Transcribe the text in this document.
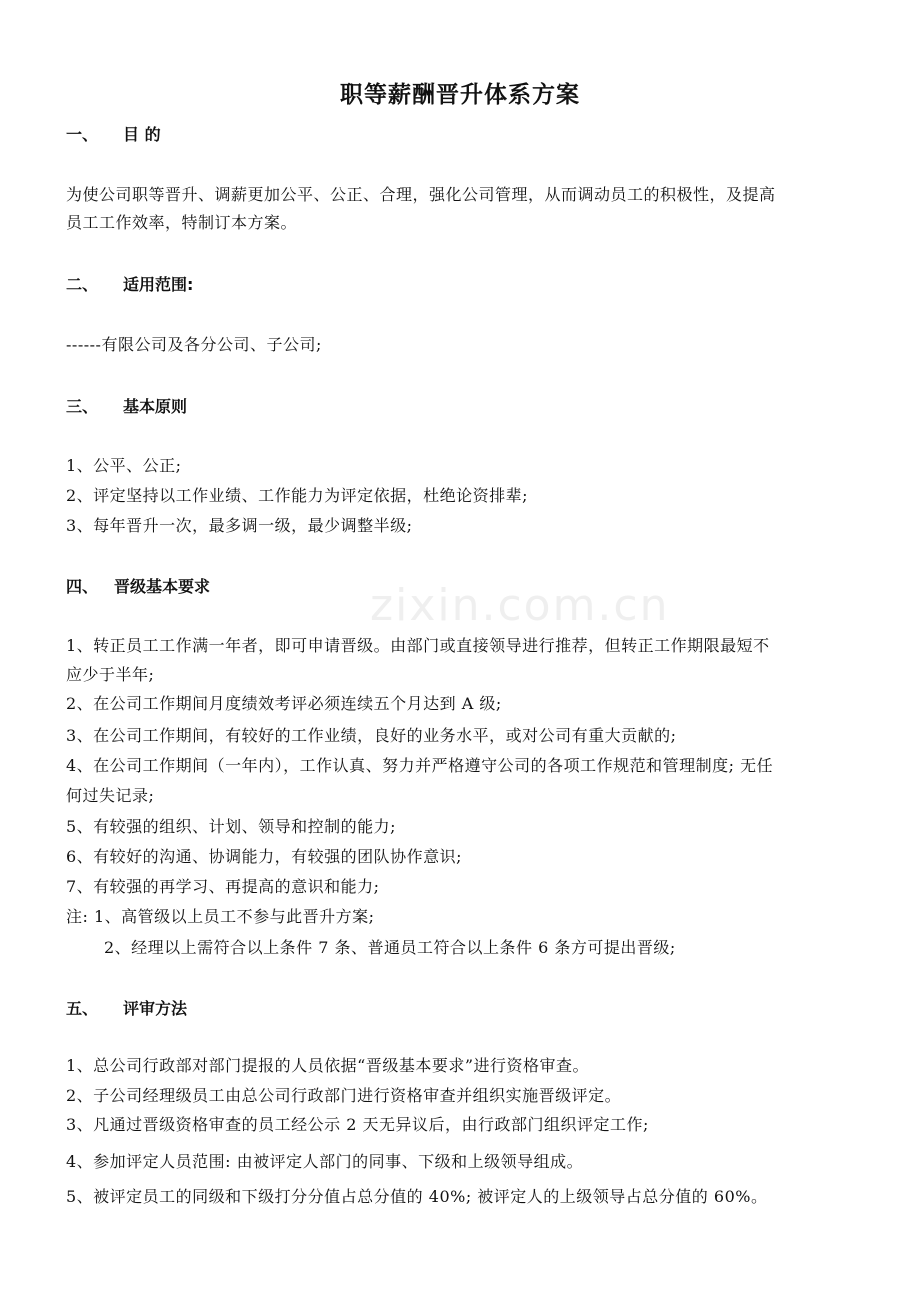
zixin.com.cn
职等薪酬晋升体系方案
一、 目 的
为使公司职等晋升、调薪更加公平、公正、合理，强化公司管理，从而调动员工的积极性，及提高
员工工作效率，特制订本方案。
二、 适用范围:
------有限公司及各分公司、子公司;
三、 基本原则
1、公平、公正;
2、评定坚持以工作业绩、工作能力为评定依据，杜绝论资排辈;
3、每年晋升一次，最多调一级，最少调整半级;
四、 晋级基本要求
1、转正员工工作满一年者，即可申请晋级。由部门或直接领导进行推荐，但转正工作期限最短不
应少于半年;
2、在公司工作期间月度绩效考评必须连续五个月达到 A 级;
3、在公司工作期间，有较好的工作业绩，良好的业务水平，或对公司有重大贡献的;
4、在公司工作期间（一年内），工作认真、努力并严格遵守公司的各项工作规范和管理制度; 无任
何过失记录;
5、有较强的组织、计划、领导和控制的能力;
6、有较好的沟通、协调能力，有较强的团队协作意识;
7、有较强的再学习、再提高的意识和能力;
注: 1、高管级以上员工不参与此晋升方案;
2、经理以上需符合以上条件 7 条、普通员工符合以上条件 6 条方可提出晋级;
五、 评审方法
1、总公司行政部对部门提报的人员依据“晋级基本要求”进行资格审查。
2、子公司经理级员工由总公司行政部门进行资格审查并组织实施晋级评定。
3、凡通过晋级资格审查的员工经公示 2 天无异议后，由行政部门组织评定工作;
4、参加评定人员范围: 由被评定人部门的同事、下级和上级领导组成。
5、被评定员工的同级和下级打分分值占总分值的 40%; 被评定人的上级领导占总分值的 60%。
